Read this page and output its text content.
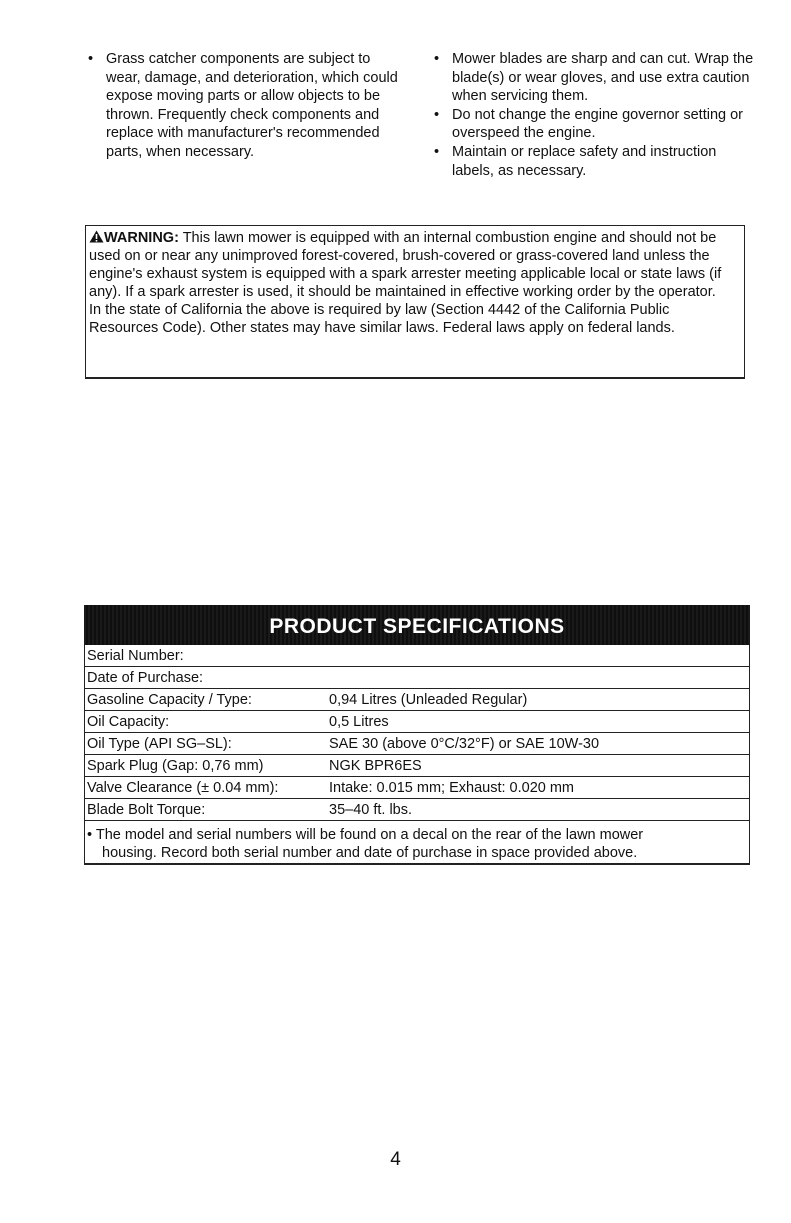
• Grass catcher components are subject to wear, damage, and deterioration, which could expose moving parts or allow objects to be thrown. Frequently check components and replace with manufacturer's recommended parts, when necessary.

• Mower blades are sharp and can cut. Wrap the blade(s) or wear gloves, and use extra caution when servicing them.

• Do not change the engine governor setting or overspeed the engine.

• Maintain or replace safety and instruction labels, as necessary.

WARNING: This lawn mower is equipped with an internal combustion engine and should not be used on or near any unimproved forest-covered, brush-covered or grass-covered land unless the engine's exhaust system is equipped with a spark arrester meeting applicable local or state laws (if any). If a spark arrester is used, it should be maintained in effective working order by the operator.

In the state of California the above is required by law (Section 4442 of the California Public Resources Code). Other states may have similar laws. Federal laws apply on federal lands.

PRODUCT SPECIFICATIONS
Serial Number:
Date of Purchase:
Gasoline Capacity / Type:	0,94 Litres (Unleaded Regular)
Oil Capacity:	0,5 Litres
Oil Type (API SG–SL):	SAE 30 (above 0°C/32°F) or SAE 10W-30
Spark Plug (Gap: 0,76 mm)	NGK BPR6ES
Valve Clearance (± 0.04 mm):	Intake: 0.015 mm; Exhaust: 0.020 mm
Blade Bolt Torque:	35–40 ft. lbs.
• The model and serial numbers will be found on a decal on the rear of the lawn mower
housing. Record both serial number and date of purchase in space provided above.
4
